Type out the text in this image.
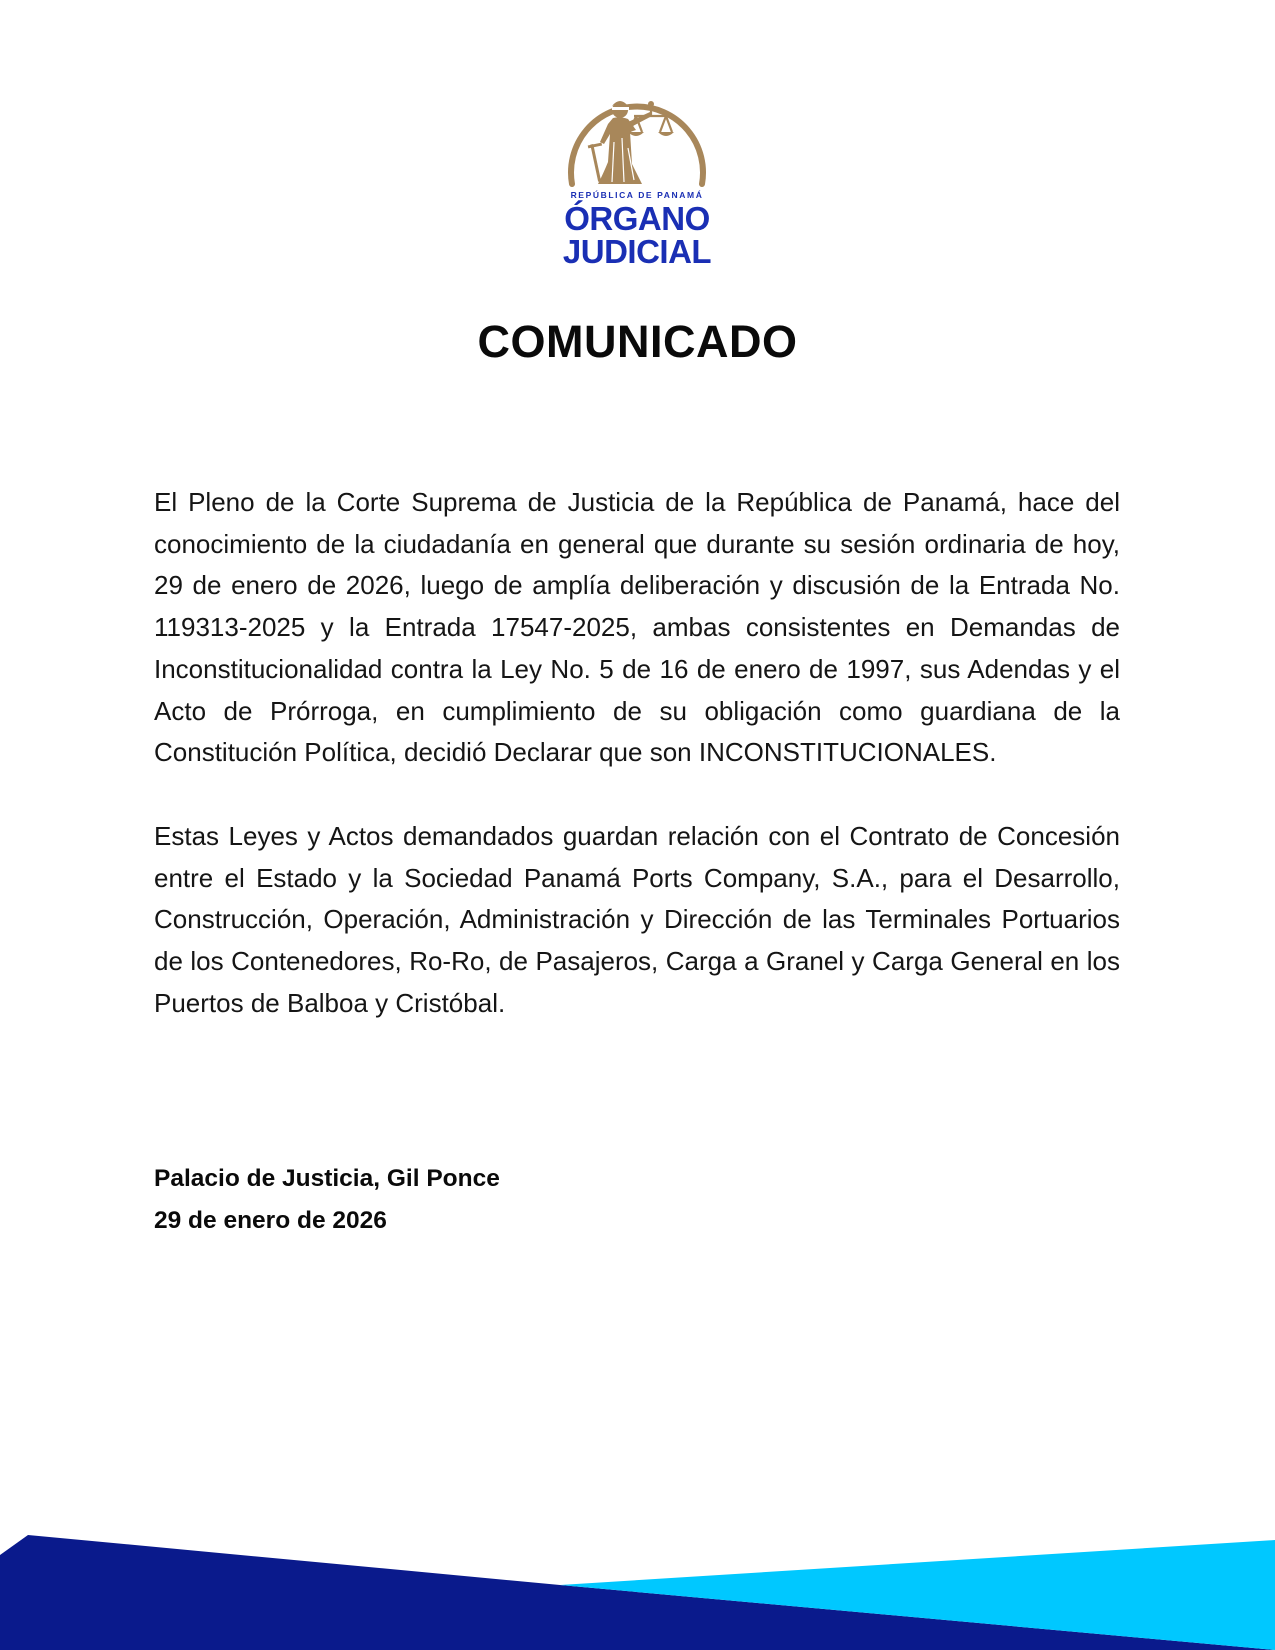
REPÚBLICA DE PANAMÁ
ÓRGANO
JUDICIAL
COMUNICADO

El Pleno de la Corte Suprema de Justicia de la República de Panamá, hace del conocimiento de la ciudadanía en general que durante su sesión ordinaria de hoy, 29 de enero de 2026, luego de amplía deliberación y discusión de la Entrada No. 119313-2025 y la Entrada 17547-2025, ambas consistentes en Demandas de Inconstitucionalidad contra la Ley No. 5 de 16 de enero de 1997, sus Adendas y el Acto de Prórroga, en cumplimiento de su obligación como guardiana de la Constitución Política, decidió Declarar que son INCONSTITUCIONALES.

Estas Leyes y Actos demandados guardan relación con el Contrato de Concesión entre el Estado y la Sociedad Panamá Ports Company, S.A., para el Desarrollo, Construcción, Operación, Administración y Dirección de las Terminales Portuarios de los Contenedores, Ro-Ro, de Pasajeros, Carga a Granel y Carga General en los Puertos de Balboa y Cristóbal.

Palacio de Justicia, Gil Ponce
29 de enero de 2026
